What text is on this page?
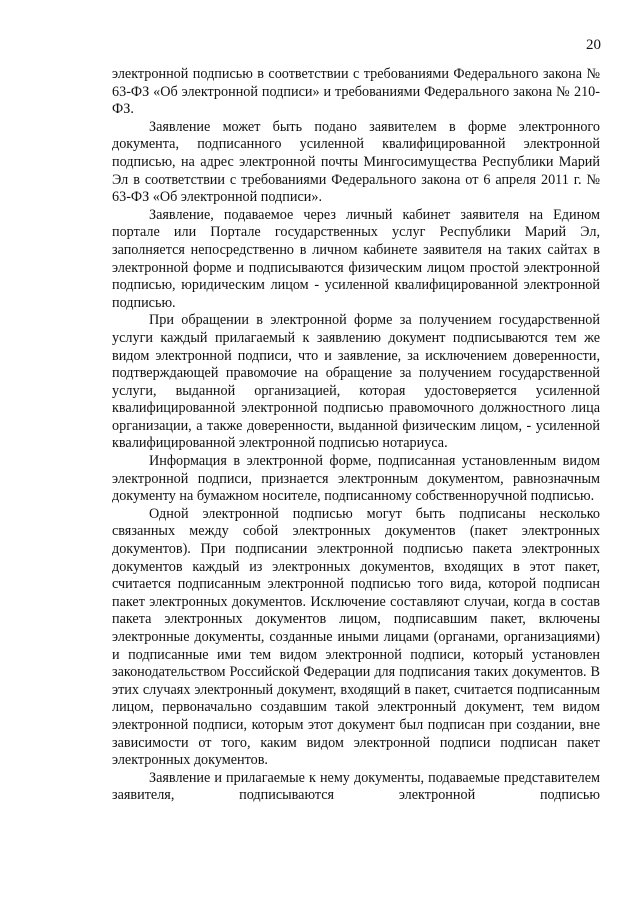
20

электронной подписью в соответствии с требованиями Федерального закона № 63-ФЗ «Об электронной подписи» и требованиями Федерального закона № 210-ФЗ.

Заявление может быть подано заявителем в форме электронного документа, подписанного усиленной квалифицированной электронной подписью, на адрес электронной почты Мингосимущества Республики Марий Эл в соответствии с требованиями Федерального закона от 6 апреля 2011 г. № 63-ФЗ «Об электронной подписи».

Заявление, подаваемое через личный кабинет заявителя на Едином портале или Портале государственных услуг Республики Марий Эл, заполняется непосредственно в личном кабинете заявителя на таких сайтах в электронной форме и подписываются физическим лицом простой электронной подписью, юридическим лицом - усиленной квалифицированной электронной подписью.

При обращении в электронной форме за получением государственной услуги каждый прилагаемый к заявлению документ подписываются тем же видом электронной подписи, что и заявление, за исключением доверенности, подтверждающей правомочие на обращение за получением государственной услуги, выданной организацией, которая удостоверяется усиленной квалифицированной электронной подписью правомочного должностного лица организации, а также доверенности, выданной физическим лицом, - усиленной квалифицированной электронной подписью нотариуса.

Информация в электронной форме, подписанная установленным видом электронной подписи, признается электронным документом, равнозначным документу на бумажном носителе, подписанному собственноручной подписью.

Одной электронной подписью могут быть подписаны несколько связанных между собой электронных документов (пакет электронных документов). При подписании электронной подписью пакета электронных документов каждый из электронных документов, входящих в этот пакет, считается подписанным электронной подписью того вида, которой подписан пакет электронных документов. Исключение составляют случаи, когда в состав пакета электронных документов лицом, подписавшим пакет, включены электронные документы, созданные иными лицами (органами, организациями) и подписанные ими тем видом электронной подписи, который установлен законодательством Российской Федерации для подписания таких документов. В этих случаях электронный документ, входящий в пакет, считается подписанным лицом, первоначально создавшим такой электронный документ, тем видом электронной подписи, которым этот документ был подписан при создании, вне зависимости от того, каким видом электронной подписи подписан пакет электронных документов.

Заявление и прилагаемые к нему документы, подаваемые представителем заявителя, подписываются электронной подписью
